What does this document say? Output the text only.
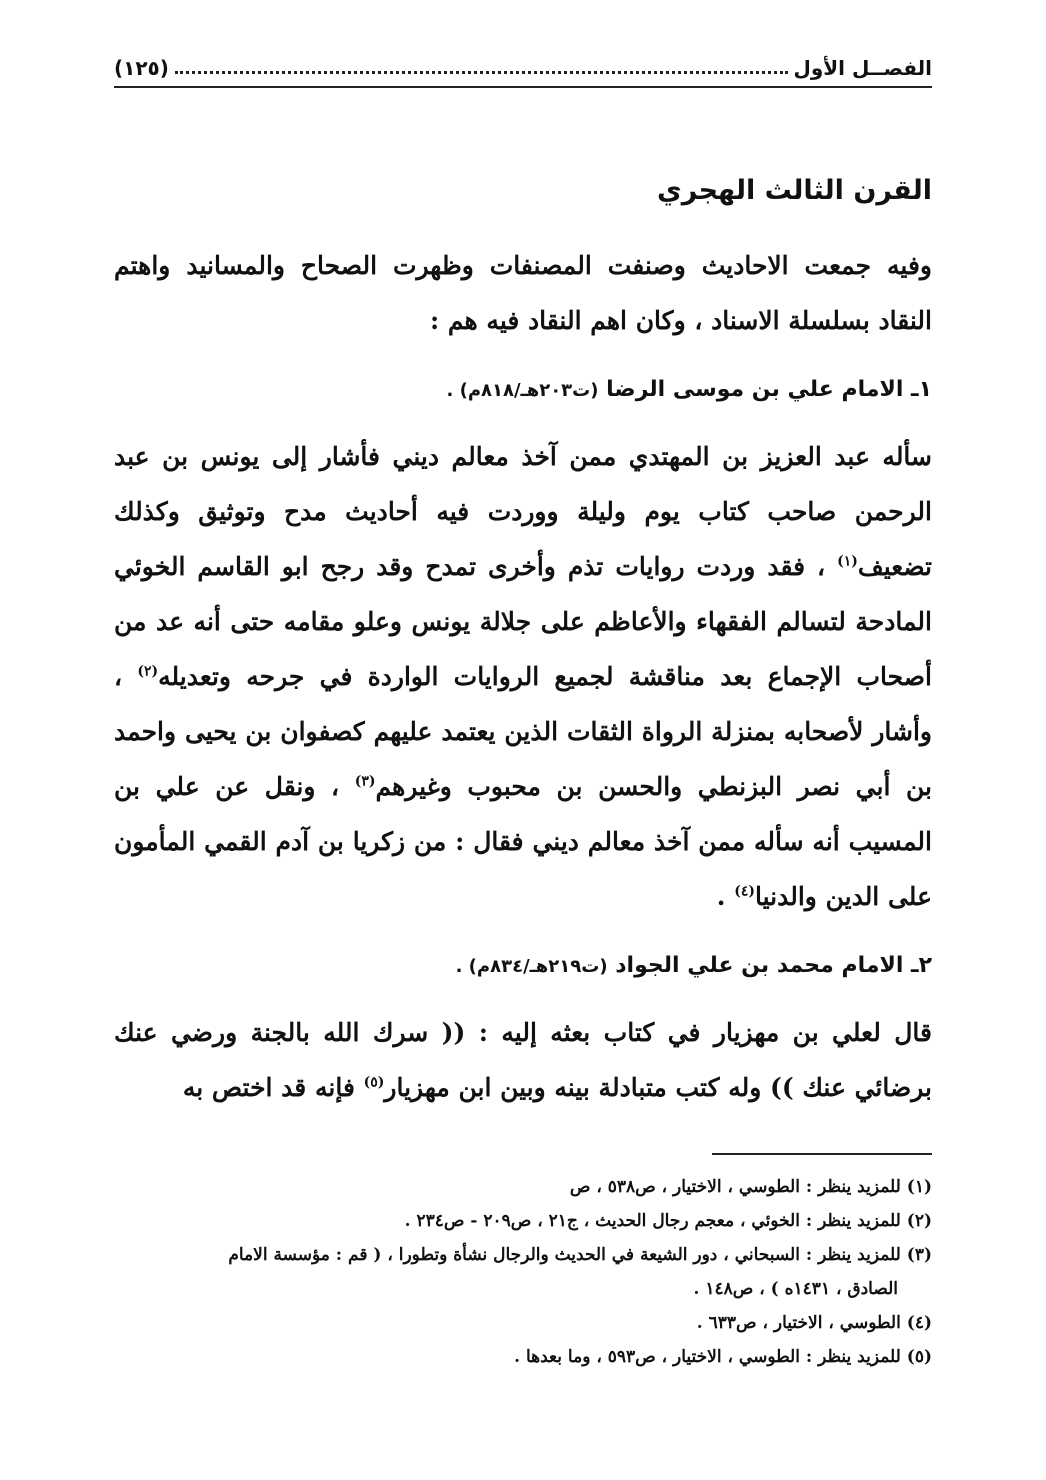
الفصــل الأول
(١٢٥)
القرن الثالث الهجري

وفيه جمعت الاحاديث وصنفت المصنفات وظهرت الصحاح والمسانيد واهتم النقاد بسلسلة الاسناد ، وكان اهم النقاد فيه هم :

١ـ الامام علي بن موسى الرضا (ت٢٠٣هـ/٨١٨م) .

سأله عبد العزيز بن المهتدي ممن آخذ معالم ديني فأشار إلى يونس بن عبد الرحمن صاحب كتاب يوم وليلة ووردت فيه أحاديث مدح وتوثيق وكذلك تضعيف$^{(١)}$ ، فقد وردت روايات تذم وأخرى تمدح وقد رجح ابو القاسم الخوئي المادحة لتسالم الفقهاء والأعاظم على جلالة يونس وعلو مقامه حتى أنه عد من أصحاب الإجماع بعد مناقشة لجميع الروايات الواردة في جرحه وتعديله$^{(٢)}$ ، وأشار لأصحابه بمنزلة الرواة الثقات الذين يعتمد عليهم كصفوان بن يحيى واحمد بن أبي نصر البزنطي والحسن بن محبوب وغيرهم$^{(٣)}$ ، ونقل عن علي بن المسيب أنه سأله ممن آخذ معالم ديني فقال : من زكريا بن آدم القمي المأمون على الدين والدنيا$^{(٤)}$ .

٢ـ الامام محمد بن علي الجواد (ت٢١٩هـ/٨٣٤م) .

قال لعلي بن مهزيار في كتاب بعثه إليه : (( سرك الله بالجنة ورضي عنك برضائي عنك )) وله كتب متبادلة بينه وبين ابن مهزيار$^{(٥)}$ فإنه قد اختص به

(١) للمزيد ينظر : الطوسي ، الاختيار ، ص٥٣٨ ، ص

(٢) للمزيد ينظر : الخوئي ، معجم رجال الحديث ، ج٢١ ، ص٢٠٩ - ص٢٣٤ .

(٣) للمزيد ينظر : السبحاني ، دور الشيعة في الحديث والرجال نشأة وتطورا ، ( قم : مؤسسة الامام
الصادق ، ١٤٣١ه ) ، ص١٤٨ .

(٤) الطوسي ، الاختيار ، ص٦٣٣ .

(٥) للمزيد ينظر : الطوسي ، الاختيار ، ص٥٩٣ ، وما بعدها .
